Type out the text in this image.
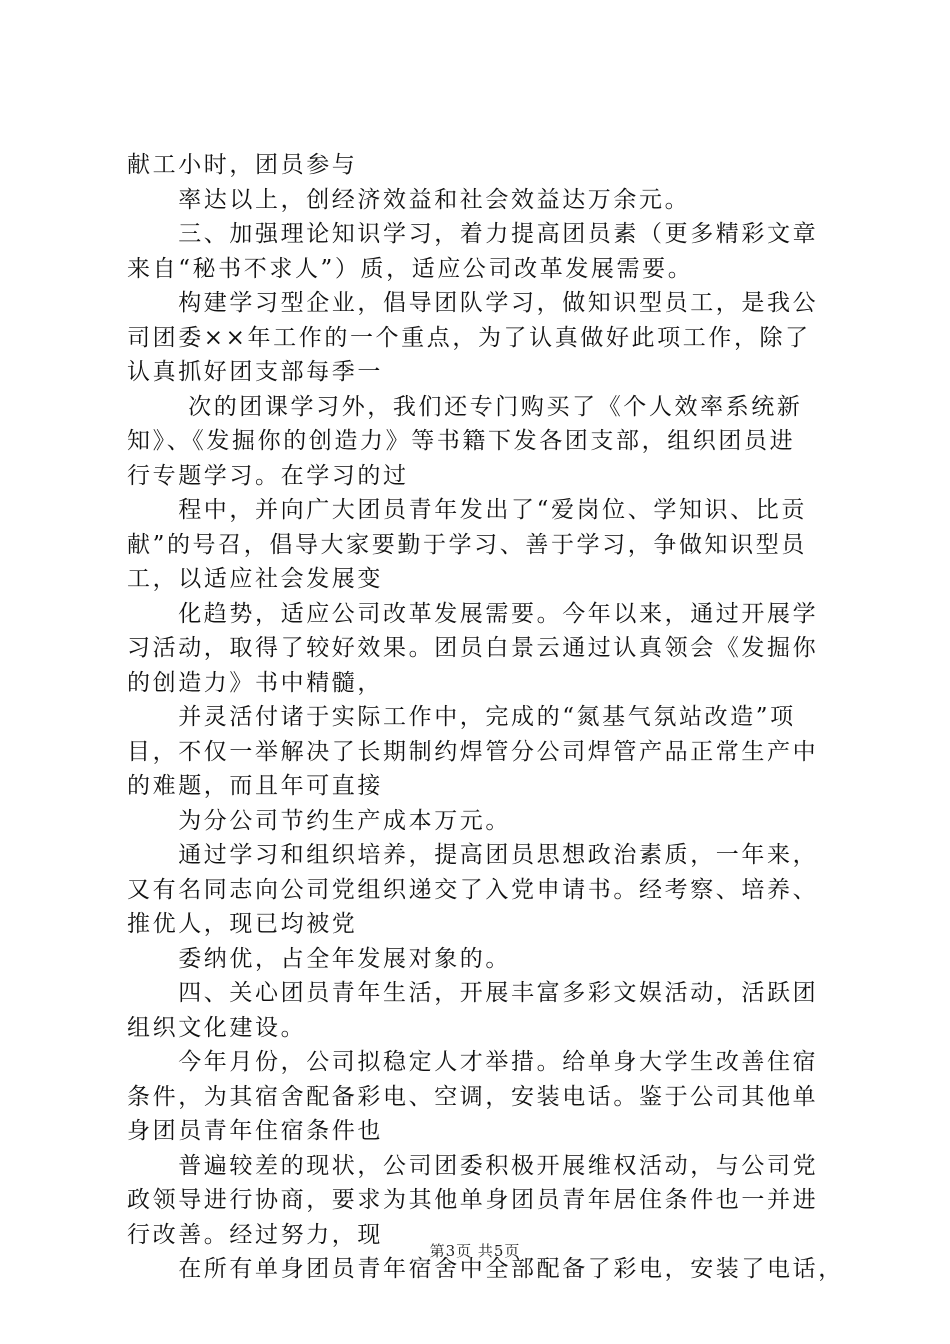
献工小时，团员参与
　　率达以上，创经济效益和社会效益达万余元。
　　三、加强理论知识学习，着力提高团员素（更多精彩文章
来自“秘书不求人”）质，适应公司改革发展需要。
　　构建学习型企业，倡导团队学习，做知识型员工，是我公
司团委××年工作的一个重点，为了认真做好此项工作，除了
认真抓好团支部每季一
　　 次的团课学习外，我们还专门购买了《个人效率系统新
知》、《发掘你的创造力》等书籍下发各团支部，组织团员进
行专题学习。在学习的过
　　程中，并向广大团员青年发出了“爱岗位、学知识、比贡
献”的号召，倡导大家要勤于学习、善于学习，争做知识型员
工，以适应社会发展变
　　化趋势，适应公司改革发展需要。今年以来，通过开展学
习活动，取得了较好效果。团员白景云通过认真领会《发掘你
的创造力》书中精髓，
　　并灵活付诸于实际工作中，完成的“氮基气氛站改造”项
目，不仅一举解决了长期制约焊管分公司焊管产品正常生产中
的难题，而且年可直接
　　为分公司节约生产成本万元。
　　通过学习和组织培养，提高团员思想政治素质，一年来，
又有名同志向公司党组织递交了入党申请书。经考察、培养、
推优人，现已均被党
　　委纳优，占全年发展对象的。
　　四、关心团员青年生活，开展丰富多彩文娱活动，活跃团
组织文化建设。
　　今年月份，公司拟稳定人才举措。给单身大学生改善住宿
条件，为其宿舍配备彩电、空调，安装电话。鉴于公司其他单
身团员青年住宿条件也
　　普遍较差的现状，公司团委积极开展维权活动，与公司党
政领导进行协商，要求为其他单身团员青年居住条件也一并进
行改善。经过努力，现
　　在所有单身团员青年宿舍中全部配备了彩电，安装了电话，
第3页 共5页
